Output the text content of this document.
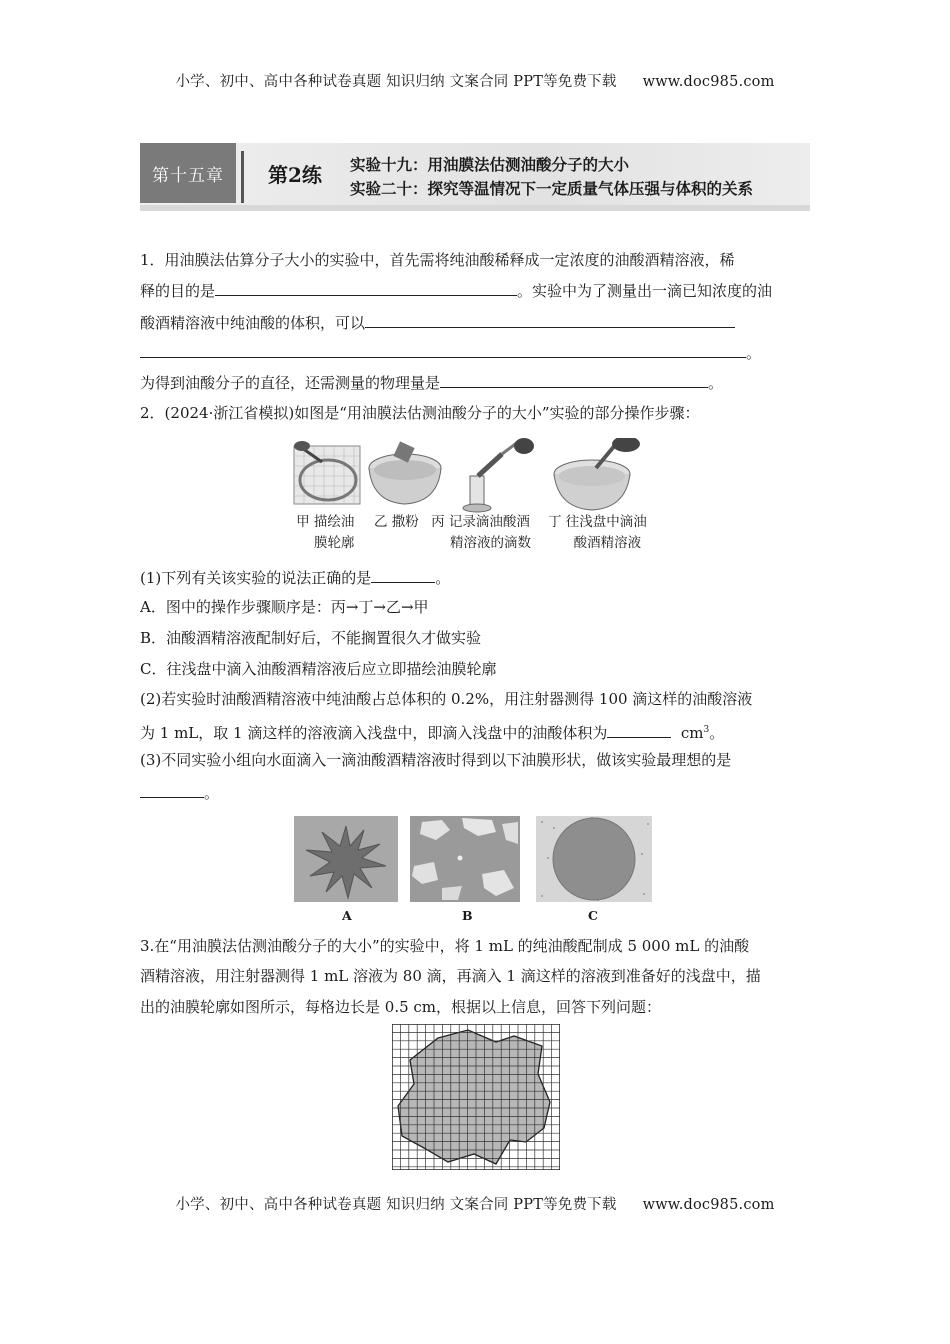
小学、初中、高中各种试卷真题 知识归纳 文案合同 PPT等免费下载 www.doc985.com
第十五章	第2练 实验十九：用油膜法估测油酸分子的大小
实验二十：探究等温情况下一定质量气体压强与体积的关系
1．用油膜法估算分子大小的实验中，首先需将纯油酸稀释成一定浓度的油酸酒精溶液，稀
释的目的是	。实验中为了测量出一滴已知浓度的油
酸酒精溶液中纯油酸的体积，可以
。
为得到油酸分子的直径，还需测量的物理量是	。
2．(2024·浙江省模拟)如图是“用油膜法估测油酸分子的大小”实验的部分操作步骤：
甲 描绘油
膜轮廓
乙 撒粉 丙 记录滴油酸酒
精溶液的滴数
丁 往浅盘中滴油
酸酒精溶液
(1)下列有关该实验的说法正确的是	。
A．图中的操作步骤顺序是：丙→丁→乙→甲
B．油酸酒精溶液配制好后，不能搁置很久才做实验
C．往浅盘中滴入油酸酒精溶液后应立即描绘油膜轮廓
(2)若实验时油酸酒精溶液中纯油酸占总体积的 0.2%，用注射器测得 100 滴这样的油酸溶液
为 1 mL，取 1 滴这样的溶液滴入浅盘中，即滴入浅盘中的油酸体积为	$cm^3$。
(3)不同实验小组向水面滴入一滴油酸酒精溶液时得到以下油膜形状，做该实验最理想的是
。
A	B	C
3.在“用油膜法估测油酸分子的大小”的实验中，将 1 mL 的纯油酸配制成 5 000 mL 的油酸
酒精溶液，用注射器测得 1 mL 溶液为 80 滴，再滴入 1 滴这样的溶液到准备好的浅盘中，描
出的油膜轮廓如图所示，每格边长是 0.5 cm，根据以上信息，回答下列问题：
小学、初中、高中各种试卷真题 知识归纳 文案合同 PPT等免费下载 www.doc985.com
